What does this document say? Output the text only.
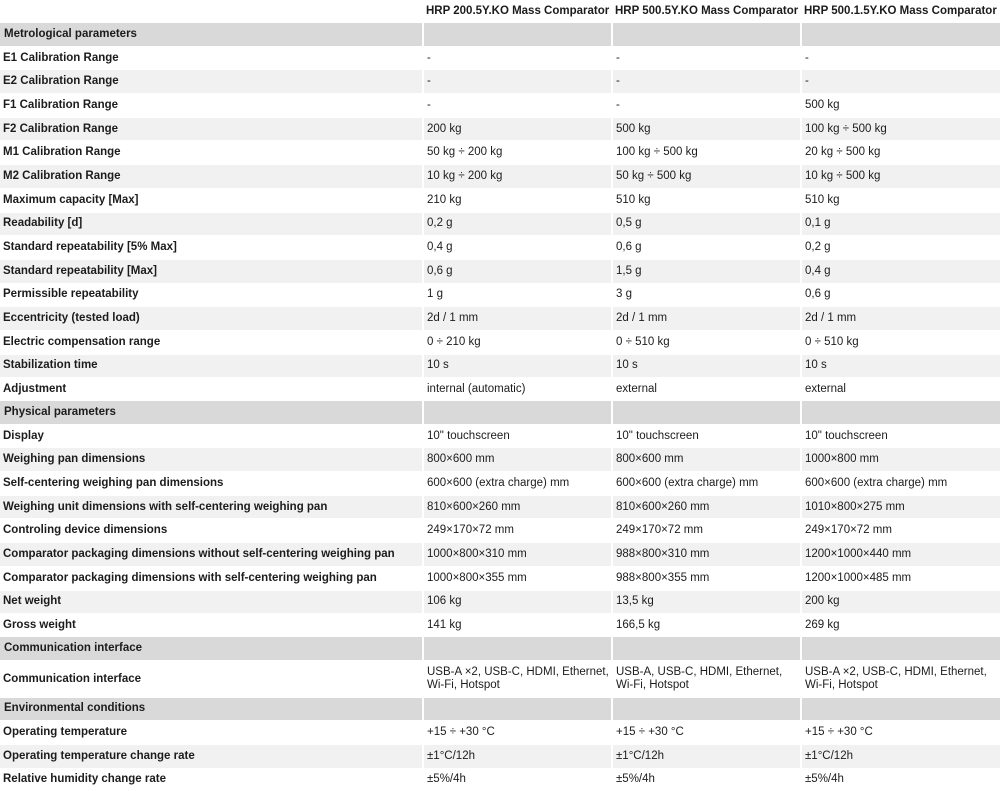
	HRP 200.5Y.KO Mass Comparator	HRP 500.5Y.KO Mass Comparator	HRP 500.1.5Y.KO Mass Comparator
Metrological parameters			
E1 Calibration Range	-	-	-
E2 Calibration Range	-	-	-
F1 Calibration Range	-	-	500 kg
F2 Calibration Range	200 kg	500 kg	100 kg ÷ 500 kg
M1 Calibration Range	50 kg ÷ 200 kg	100 kg ÷ 500 kg	20 kg ÷ 500 kg
M2 Calibration Range	10 kg ÷ 200 kg	50 kg ÷ 500 kg	10 kg ÷ 500 kg
Maximum capacity [Max]	210 kg	510 kg	510 kg
Readability [d]	0,2 g	0,5 g	0,1 g
Standard repeatability [5% Max]	0,4 g	0,6 g	0,2 g
Standard repeatability [Max]	0,6 g	1,5 g	0,4 g
Permissible repeatability	1 g	3 g	0,6 g
Eccentricity (tested load)	2d / 1 mm	2d / 1 mm	2d / 1 mm
Electric compensation range	0 ÷ 210 kg	0 ÷ 510 kg	0 ÷ 510 kg
Stabilization time	10 s	10 s	10 s
Adjustment	internal (automatic)	external	external
Physical parameters			
Display	10" touchscreen	10" touchscreen	10" touchscreen
Weighing pan dimensions	800×600 mm	800×600 mm	1000×800 mm
Self-centering weighing pan dimensions	600×600 (extra charge) mm	600×600 (extra charge) mm	600×600 (extra charge) mm
Weighing unit dimensions with self-centering weighing pan	810×600×260 mm	810×600×260 mm	1010×800×275 mm
Controling device dimensions	249×170×72 mm	249×170×72 mm	249×170×72 mm
Comparator packaging dimensions without self-centering weighing pan	1000×800×310 mm	988×800×310 mm	1200×1000×440 mm
Comparator packaging dimensions with self-centering weighing pan	1000×800×355 mm	988×800×355 mm	1200×1000×485 mm
Net weight	106 kg	13,5 kg	200 kg
Gross weight	141 kg	166,5 kg	269 kg
Communication interface			
Communication interface	USB-A ×2, USB-C, HDMI, Ethernet, Wi-Fi, Hotspot	USB-A, USB-C, HDMI, Ethernet, Wi-Fi, Hotspot	USB-A ×2, USB-C, HDMI, Ethernet, Wi-Fi, Hotspot
Environmental conditions			
Operating temperature	+15 ÷ +30 °C	+15 ÷ +30 °C	+15 ÷ +30 °C
Operating temperature change rate	±1°C/12h	±1°C/12h	±1°C/12h
Relative humidity change rate	±5%/4h	±5%/4h	±5%/4h
